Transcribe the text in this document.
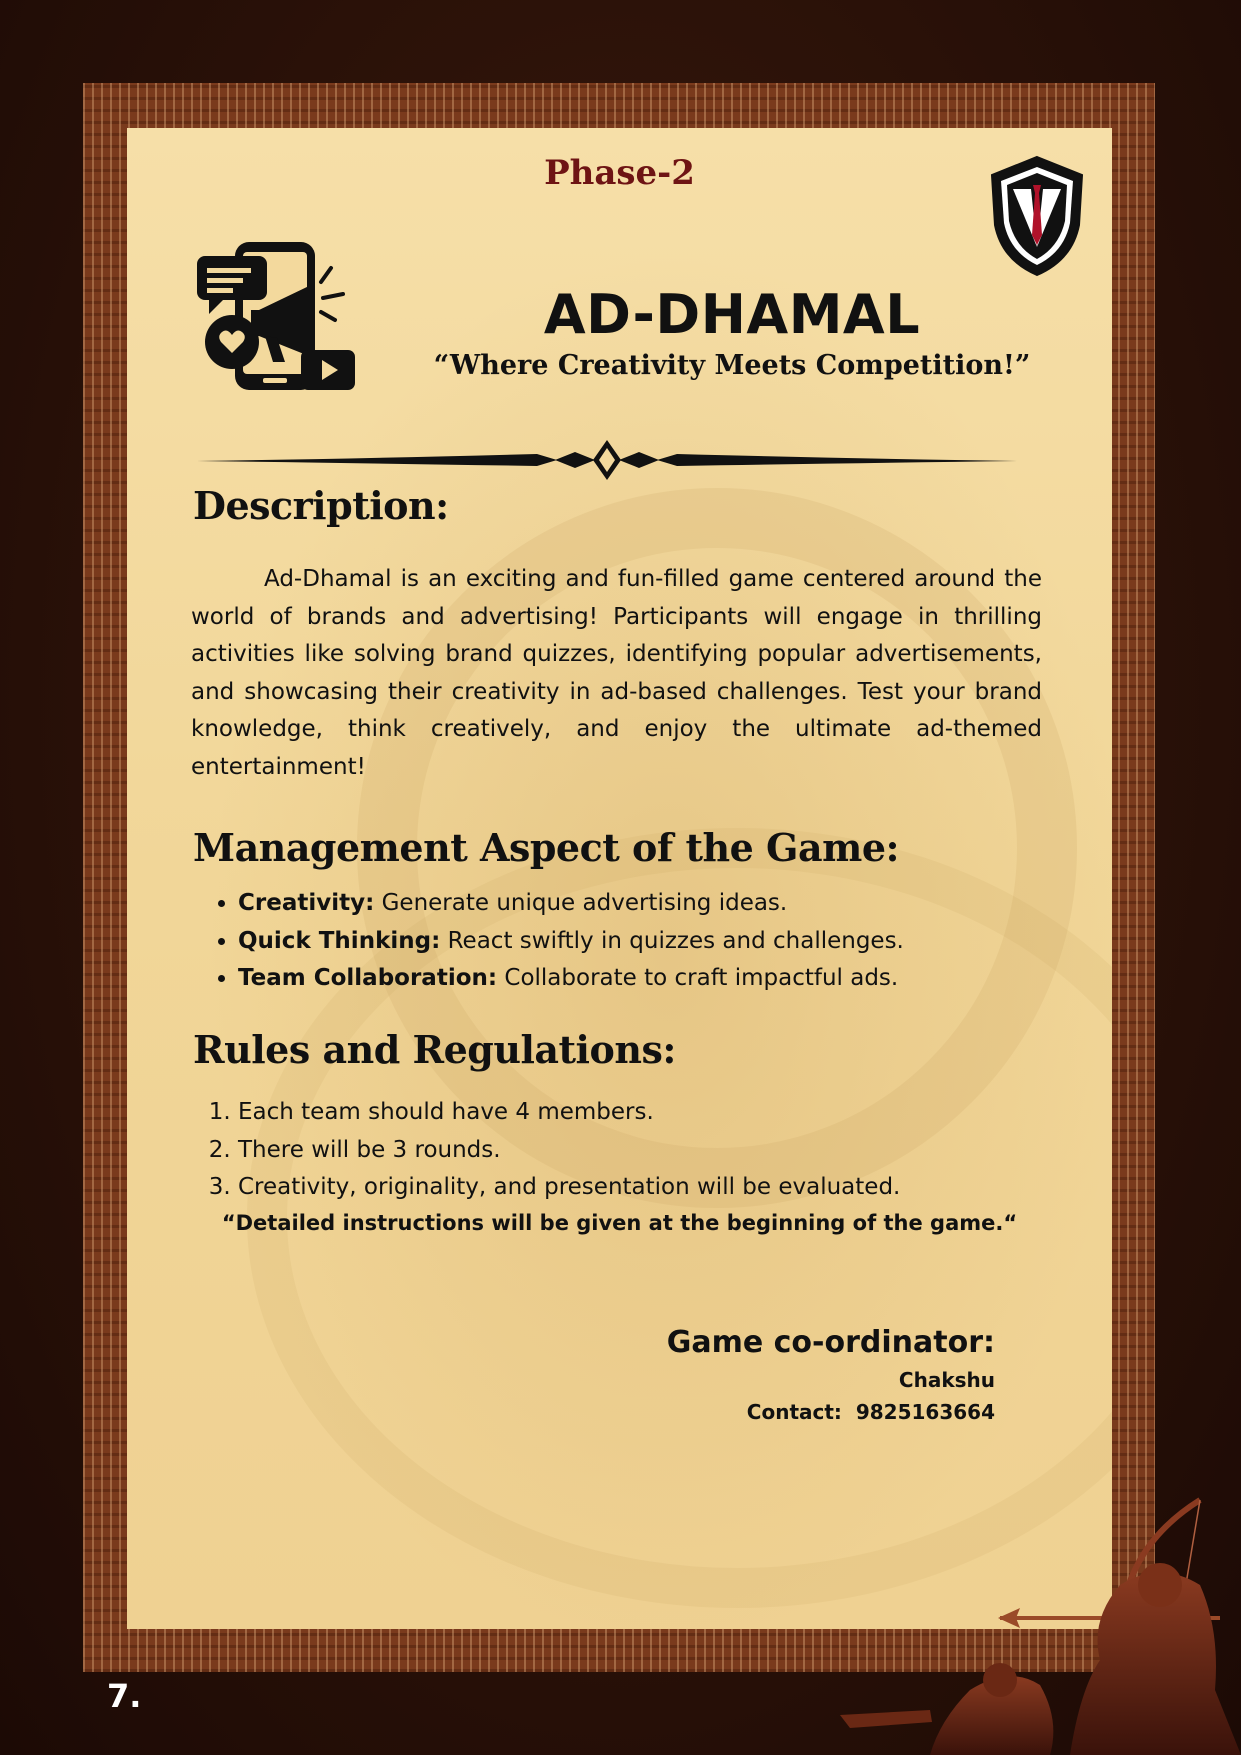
Phase-2
AD-DHAMAL
“Where Creativity Meets Competition!”
Description:

Ad-Dhamal is an exciting and fun-filled game centered around the world of brands and advertising! Participants will engage in thrilling activities like solving brand quizzes, identifying popular advertisements, and showcasing their creativity in ad-based challenges. Test your brand knowledge, think creatively, and enjoy the ultimate ad-themed entertainment!

Management Aspect of the Game:
• Creativity: Generate unique advertising ideas.
• Quick Thinking: React swiftly in quizzes and challenges.
• Team Collaboration: Collaborate to craft impactful ads.
Rules and Regulations:
1. Each team should have 4 members.
2. There will be 3 rounds.
3. Creativity, originality, and presentation will be evaluated.
“Detailed instructions will be given at the beginning of the game.“
Game co-ordinator:
Chakshu
Contact:  9825163664
7.
